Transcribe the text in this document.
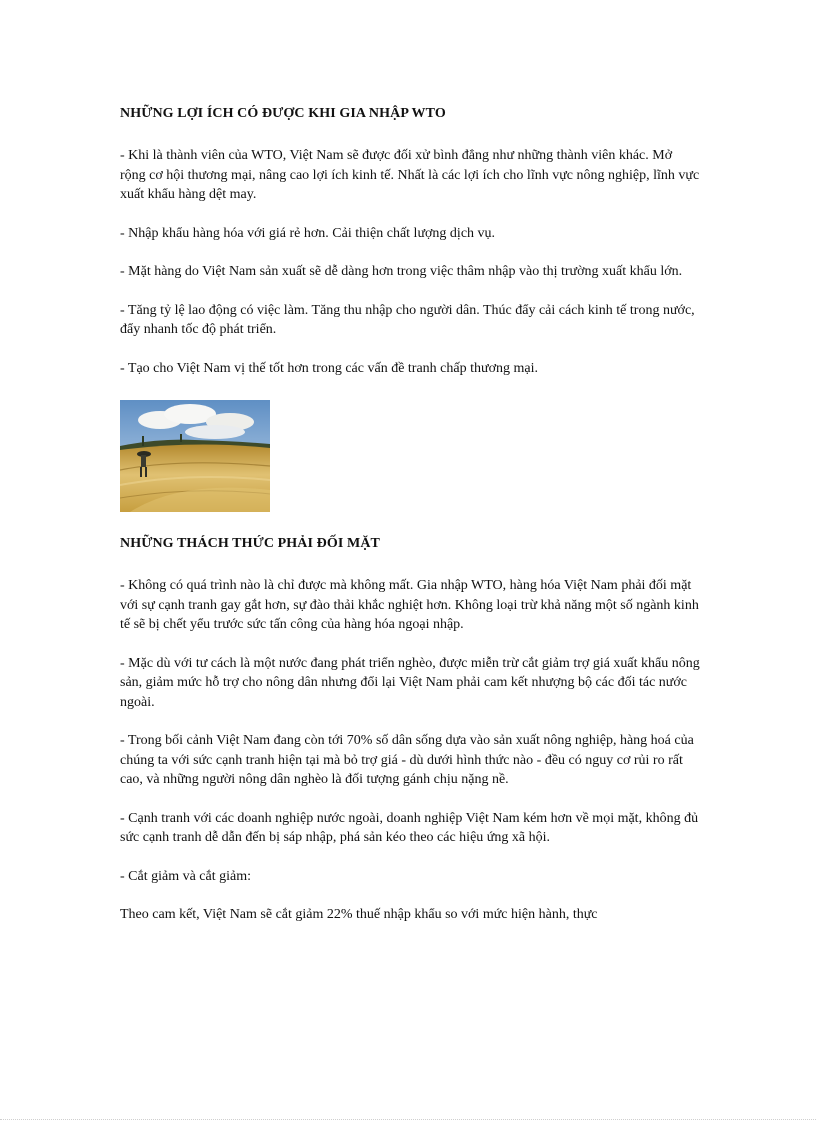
NHỮNG LỢI ÍCH CÓ ĐƯỢC KHI GIA NHẬP WTO

- Khi là thành viên của WTO, Việt Nam sẽ được đối xử bình đẳng như những thành viên khác. Mở rộng cơ hội thương mại, nâng cao lợi ích kinh tế. Nhất là các lợi ích cho lĩnh vực nông nghiệp, lĩnh vực xuất khẩu hàng dệt may.

- Nhập khẩu hàng hóa với giá rẻ hơn. Cải thiện chất lượng dịch vụ.

- Mặt hàng do Việt Nam sản xuất sẽ dễ dàng hơn trong việc thâm nhập vào thị trường xuất khẩu lớn.

- Tăng tỷ lệ lao động có việc làm. Tăng thu nhập cho người dân. Thúc đẩy cải cách kinh tế trong nước, đẩy nhanh tốc độ phát triển.

- Tạo cho Việt Nam vị thế tốt hơn trong các vấn đề tranh chấp thương mại.

NHỮNG THÁCH THỨC PHẢI ĐỐI MẶT

- Không có quá trình nào là chỉ được mà không mất. Gia nhập WTO, hàng hóa Việt Nam phải đối mặt với sự cạnh tranh gay gắt hơn, sự đào thải khắc nghiệt hơn. Không loại trừ khả năng một số ngành kinh tế sẽ bị chết yểu trước sức tấn công của hàng hóa ngoại nhập.

- Mặc dù với tư cách là một nước đang phát triển nghèo, được miễn trừ cắt giảm trợ giá xuất khẩu nông sản, giảm mức hỗ trợ cho nông dân nhưng đổi lại Việt Nam phải cam kết nhượng bộ các đối tác nước ngoài.

- Trong bối cảnh Việt Nam đang còn tới 70% số dân sống dựa vào sản xuất nông nghiệp, hàng hoá của chúng ta với sức cạnh tranh hiện tại mà bỏ trợ giá - dù dưới hình thức nào - đều có nguy cơ rủi ro rất cao, và những người nông dân nghèo là đối tượng gánh chịu nặng nề.

- Cạnh tranh với các doanh nghiệp nước ngoài, doanh nghiệp Việt Nam kém hơn về mọi mặt, không đủ sức cạnh tranh dễ dẫn đến bị sáp nhập, phá sản kéo theo các hiệu ứng xã hội.

- Cắt giảm và cắt giảm:

Theo cam kết, Việt Nam sẽ cắt giảm 22% thuế nhập khẩu so với mức hiện hành, thực
